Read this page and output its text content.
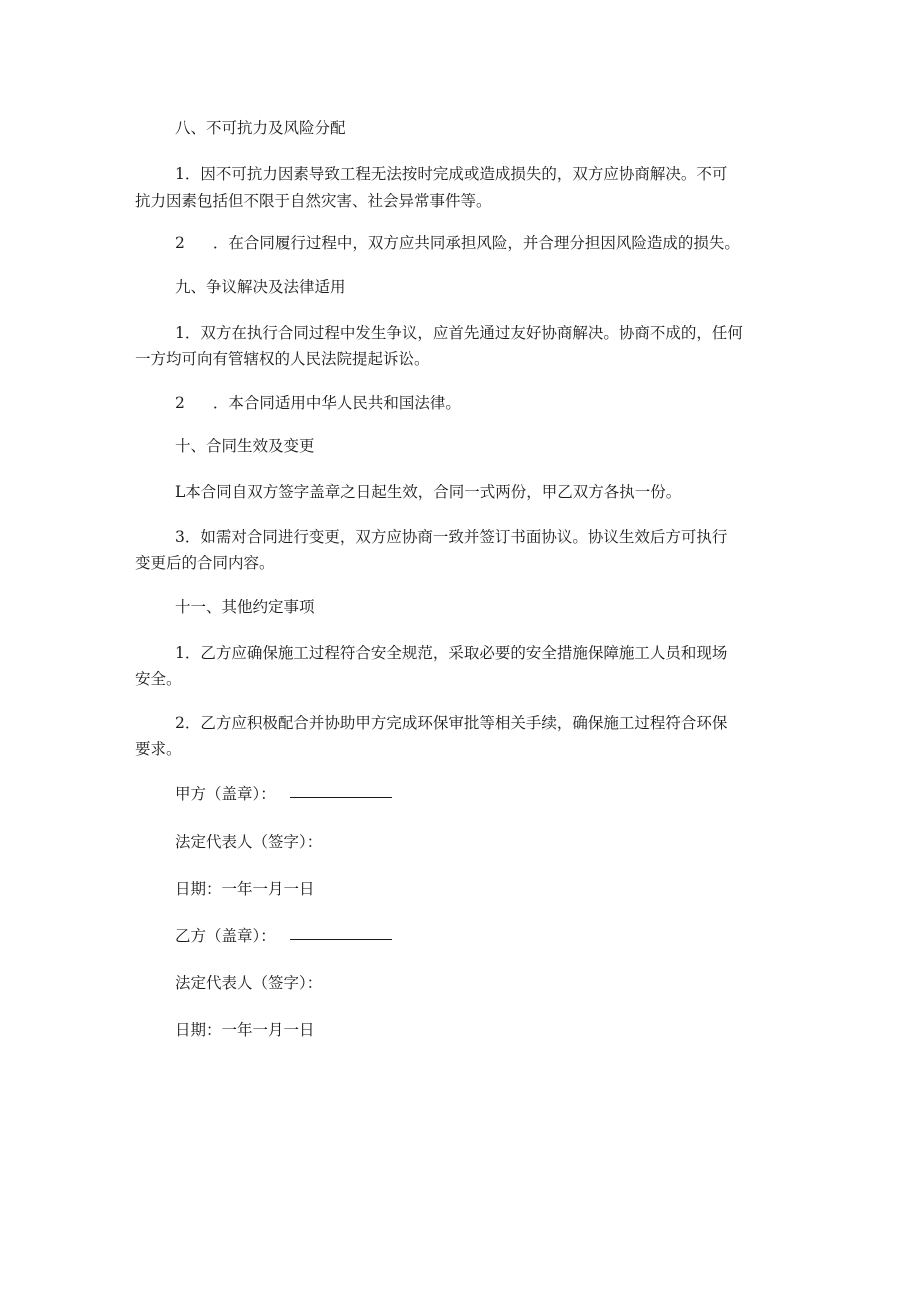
八、不可抗力及风险分配
1．因不可抗力因素导致工程无法按时完成或造成损失的，双方应协商解决。不可
抗力因素包括但不限于自然灾害、社会异常事件等。
2 ．在合同履行过程中，双方应共同承担风险，并合理分担因风险造成的损失。
九、争议解决及法律适用
1．双方在执行合同过程中发生争议，应首先通过友好协商解决。协商不成的，任何
一方均可向有管辖权的人民法院提起诉讼。
2 ．本合同适用中华人民共和国法律。
十、合同生效及变更
L本合同自双方签字盖章之日起生效，合同一式两份，甲乙双方各执一份。
3．如需对合同进行变更，双方应协商一致并签订书面协议。协议生效后方可执行
变更后的合同内容。
十一、其他约定事项
1．乙方应确保施工过程符合安全规范，采取必要的安全措施保障施工人员和现场
安全。
2．乙方应积极配合并协助甲方完成环保审批等相关手续，确保施工过程符合环保
要求。
甲方（盖章）：
法定代表人（签字）：
日期：一年一月一日
乙方（盖章）：
法定代表人（签字）：
日期：一年一月一日
